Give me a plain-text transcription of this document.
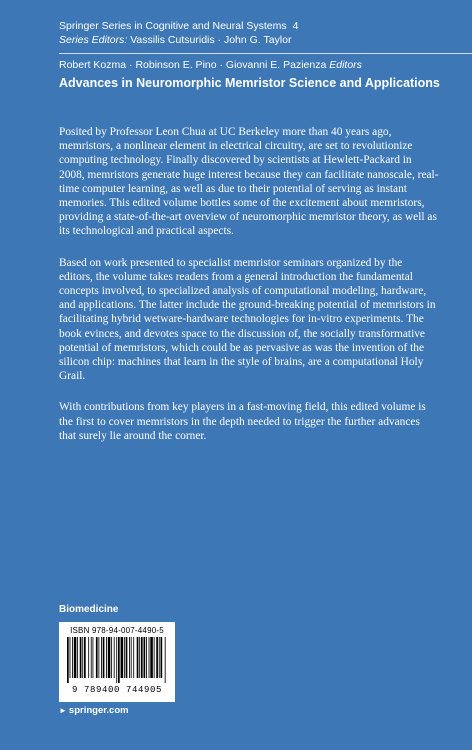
Springer Series in Cognitive and Neural Systems 4
Series Editors: Vassilis Cutsuridis · John G. Taylor
Robert Kozma · Robinson E. Pino · Giovanni E. Pazienza Editors
Advances in Neuromorphic Memristor Science and Applications

Posited by Professor Leon Chua at UC Berkeley more than 40 years ago, memristors, a nonlinear element in electrical circuitry, are set to revolutionize computing technology. Finally discovered by scientists at Hewlett-Packard in 2008, memristors generate huge interest because they can facilitate nanoscale, real-time computer learning, as well as due to their potential of serving as instant memories. This edited volume bottles some of the excitement about memristors, providing a state-of-the-art overview of neuromorphic memristor theory, as well as its technological and practical aspects.

Based on work presented to specialist memristor seminars organized by the editors, the volume takes readers from a general introduction the fundamental concepts involved, to specialized analysis of computational modeling, hardware, and applications. The latter include the ground-breaking potential of memristors in facilitating hybrid wetware-hardware technologies for in-vitro experiments. The book evinces, and devotes space to the discussion of, the socially transformative potential of memristors, which could be as pervasive as was the invention of the silicon chip: machines that learn in the style of brains, are a computational Holy Grail.

With contributions from key players in a fast-moving field, this edited volume is the first to cover memristors in the depth needed to trigger the further advances that surely lie around the corner.

Biomedicine
ISBN 978-94-007-4490-5
9 789400 744905
► springer.com
